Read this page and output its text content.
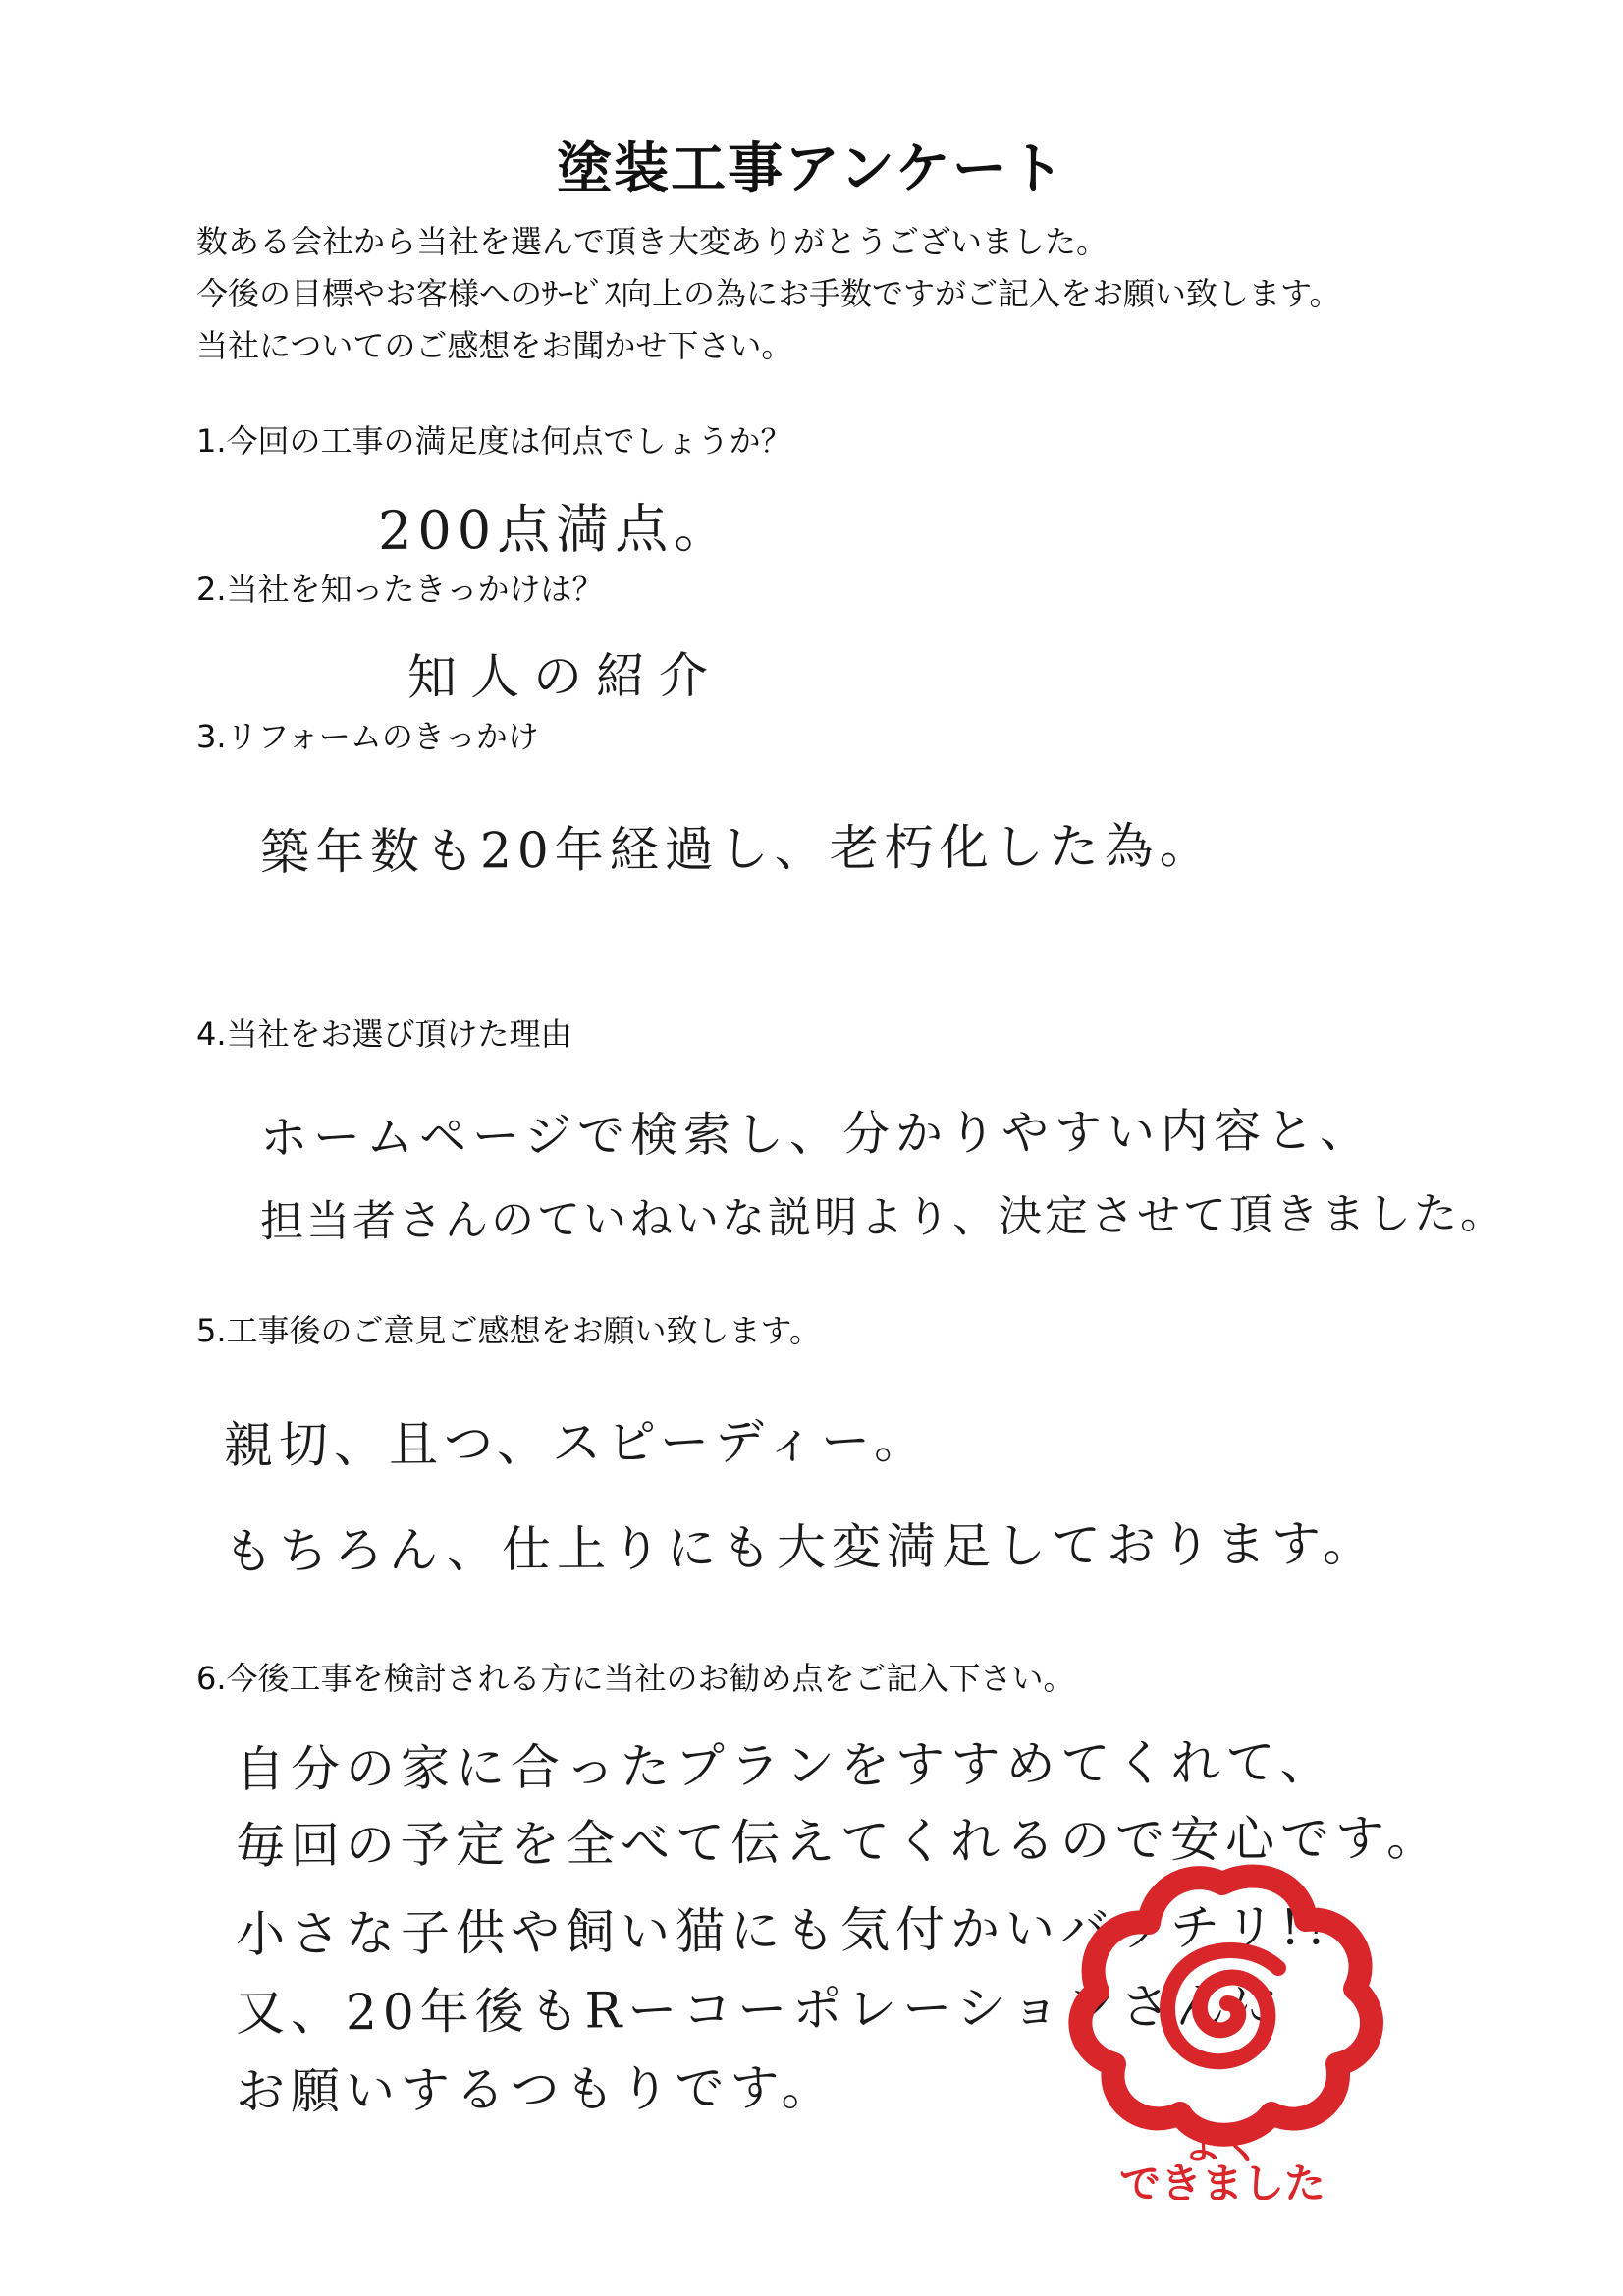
塗装工事アンケート
数ある会社から当社を選んで頂き大変ありがとうございました。
今後の目標やお客様へのｻｰﾋﾞｽ向上の為にお手数ですがご記入をお願い致します。
当社についてのご感想をお聞かせ下さい。
1.今回の工事の満足度は何点でしょうか？
200点満点。
2.当社を知ったきっかけは？
知人の紹介
3.リフォームのきっかけ
築年数も20年経過し、老朽化した為。
4.当社をお選び頂けた理由
ホームページで検索し、分かりやすい内容と、
担当者さんのていねいな説明より、決定させて頂きました。
5.工事後のご意見ご感想をお願い致します。
親切、且つ、スピーディー。
もちろん、仕上りにも大変満足しております。
6.今後工事を検討される方に当社のお勧め点をご記入下さい。
自分の家に合ったプランをすすめてくれて、
毎回の予定を全べて伝えてくれるので安心です。
小さな子供や飼い猫にも気付かいバッチリ!!
又、20年後もRーコーポレーションさんに
お願いするつもりです。
よく
できました
